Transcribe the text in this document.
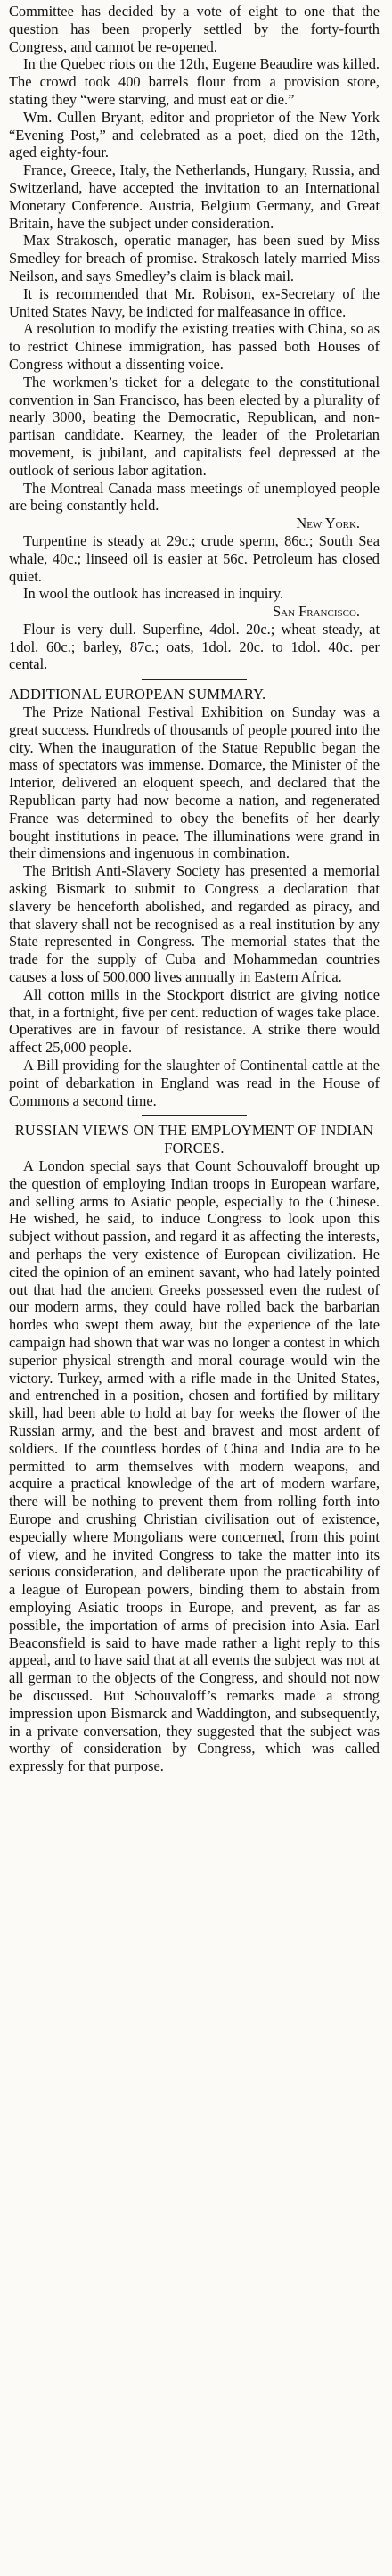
Committee has decided by a vote of eight to one that the question has been properly settled by the forty-fourth Congress, and cannot be re-opened.

In the Quebec riots on the 12th, Eugene Beaudire was killed. The crowd took 400 barrels flour from a provision store, stating they “were starving, and must eat or die.”

Wm. Cullen Bryant, editor and proprietor of the New York “Evening Post,” and celebrated as a poet, died on the 12th, aged eighty-four.

France, Greece, Italy, the Netherlands, Hungary, Russia, and Switzerland, have accepted the invitation to an International Monetary Conference. Austria, Belgium Germany, and Great Britain, have the subject under consideration.

Max Strakosch, operatic manager, has been sued by Miss Smedley for breach of promise. Strakosch lately married Miss Neilson, and says Smedley’s claim is black mail.

It is recommended that Mr. Robison, ex-Secretary of the United States Navy, be indicted for malfeasance in office.

A resolution to modify the existing treaties with China, so as to restrict Chinese immigration, has passed both Houses of Congress without a dissenting voice.

The workmen’s ticket for a delegate to the constitutional convention in San Francisco, has been elected by a plurality of nearly 3000, beating the Democratic, Republican, and non-partisan candidate. Kearney, the leader of the Proletarian movement, is jubilant, and capitalists feel depressed at the outlook of serious labor agitation.

The Montreal Canada mass meetings of unemployed people are being constantly held.

New York.

Turpentine is steady at 29c.; crude sperm, 86c.; South Sea whale, 40c.; linseed oil is easier at 56c. Petroleum has closed quiet.

In wool the outlook has increased in inquiry.

San Francisco.

Flour is very dull. Superfine, 4dol. 20c.; wheat steady, at 1dol. 60c.; barley, 87c.; oats, 1dol. 20c. to 1dol. 40c. per cental.

ADDITIONAL EUROPEAN SUMMARY.

The Prize National Festival Exhibition on Sunday was a great success. Hundreds of thousands of people poured into the city. When the inauguration of the Statue Republic began the mass of spectators was immense. Domarce, the Minister of the Interior, delivered an eloquent speech, and declared that the Republican party had now become a nation, and regenerated France was determined to obey the benefits of her dearly bought institutions in peace. The illuminations were grand in their dimensions and ingenuous in combination.

The British Anti-Slavery Society has presented a memorial asking Bismark to submit to Congress a declaration that slavery be henceforth abolished, and regarded as piracy, and that slavery shall not be recognised as a real institution by any State represented in Congress. The memorial states that the trade for the supply of Cuba and Mohammedan countries causes a loss of 500,000 lives annually in Eastern Africa.

All cotton mills in the Stockport district are giving notice that, in a fortnight, five per cent. reduction of wages take place. Operatives are in favour of resistance. A strike there would affect 25,000 people.

A Bill providing for the slaughter of Continental cattle at the point of debarkation in England was read in the House of Commons a second time.

RUSSIAN VIEWS ON THE EMPLOYMENT OF INDIAN FORCES.

A London special says that Count Schouvaloff brought up the question of employing Indian troops in European warfare, and selling arms to Asiatic people, especially to the Chinese. He wished, he said, to induce Congress to look upon this subject without passion, and regard it as affecting the interests, and perhaps the very existence of European civilization. He cited the opinion of an eminent savant, who had lately pointed out that had the ancient Greeks possessed even the rudest of our modern arms, they could have rolled back the barbarian hordes who swept them away, but the experience of the late campaign had shown that war was no longer a contest in which superior physical strength and moral courage would win the victory. Turkey, armed with a rifle made in the United States, and entrenched in a position, chosen and fortified by military skill, had been able to hold at bay for weeks the flower of the Russian army, and the best and bravest and most ardent of soldiers. If the countless hordes of China and India are to be permitted to arm themselves with modern weapons, and acquire a practical knowledge of the art of modern warfare, there will be nothing to prevent them from rolling forth into Europe and crushing Christian civilisation out of existence, especially where Mongolians were concerned, from this point of view, and he invited Congress to take the matter into its serious consideration, and deliberate upon the practicability of a league of European powers, binding them to abstain from employing Asiatic troops in Europe, and prevent, as far as possible, the importation of arms of precision into Asia. Earl Beaconsfield is said to have made rather a light reply to this appeal, and to have said that at all events the subject was not at all german to the objects of the Congress, and should not now be discussed. But Schouvaloff’s remarks made a strong impression upon Bismarck and Waddington, and subsequently, in a private conversation, they suggested that the subject was worthy of consideration by Congress, which was called expressly for that purpose.
